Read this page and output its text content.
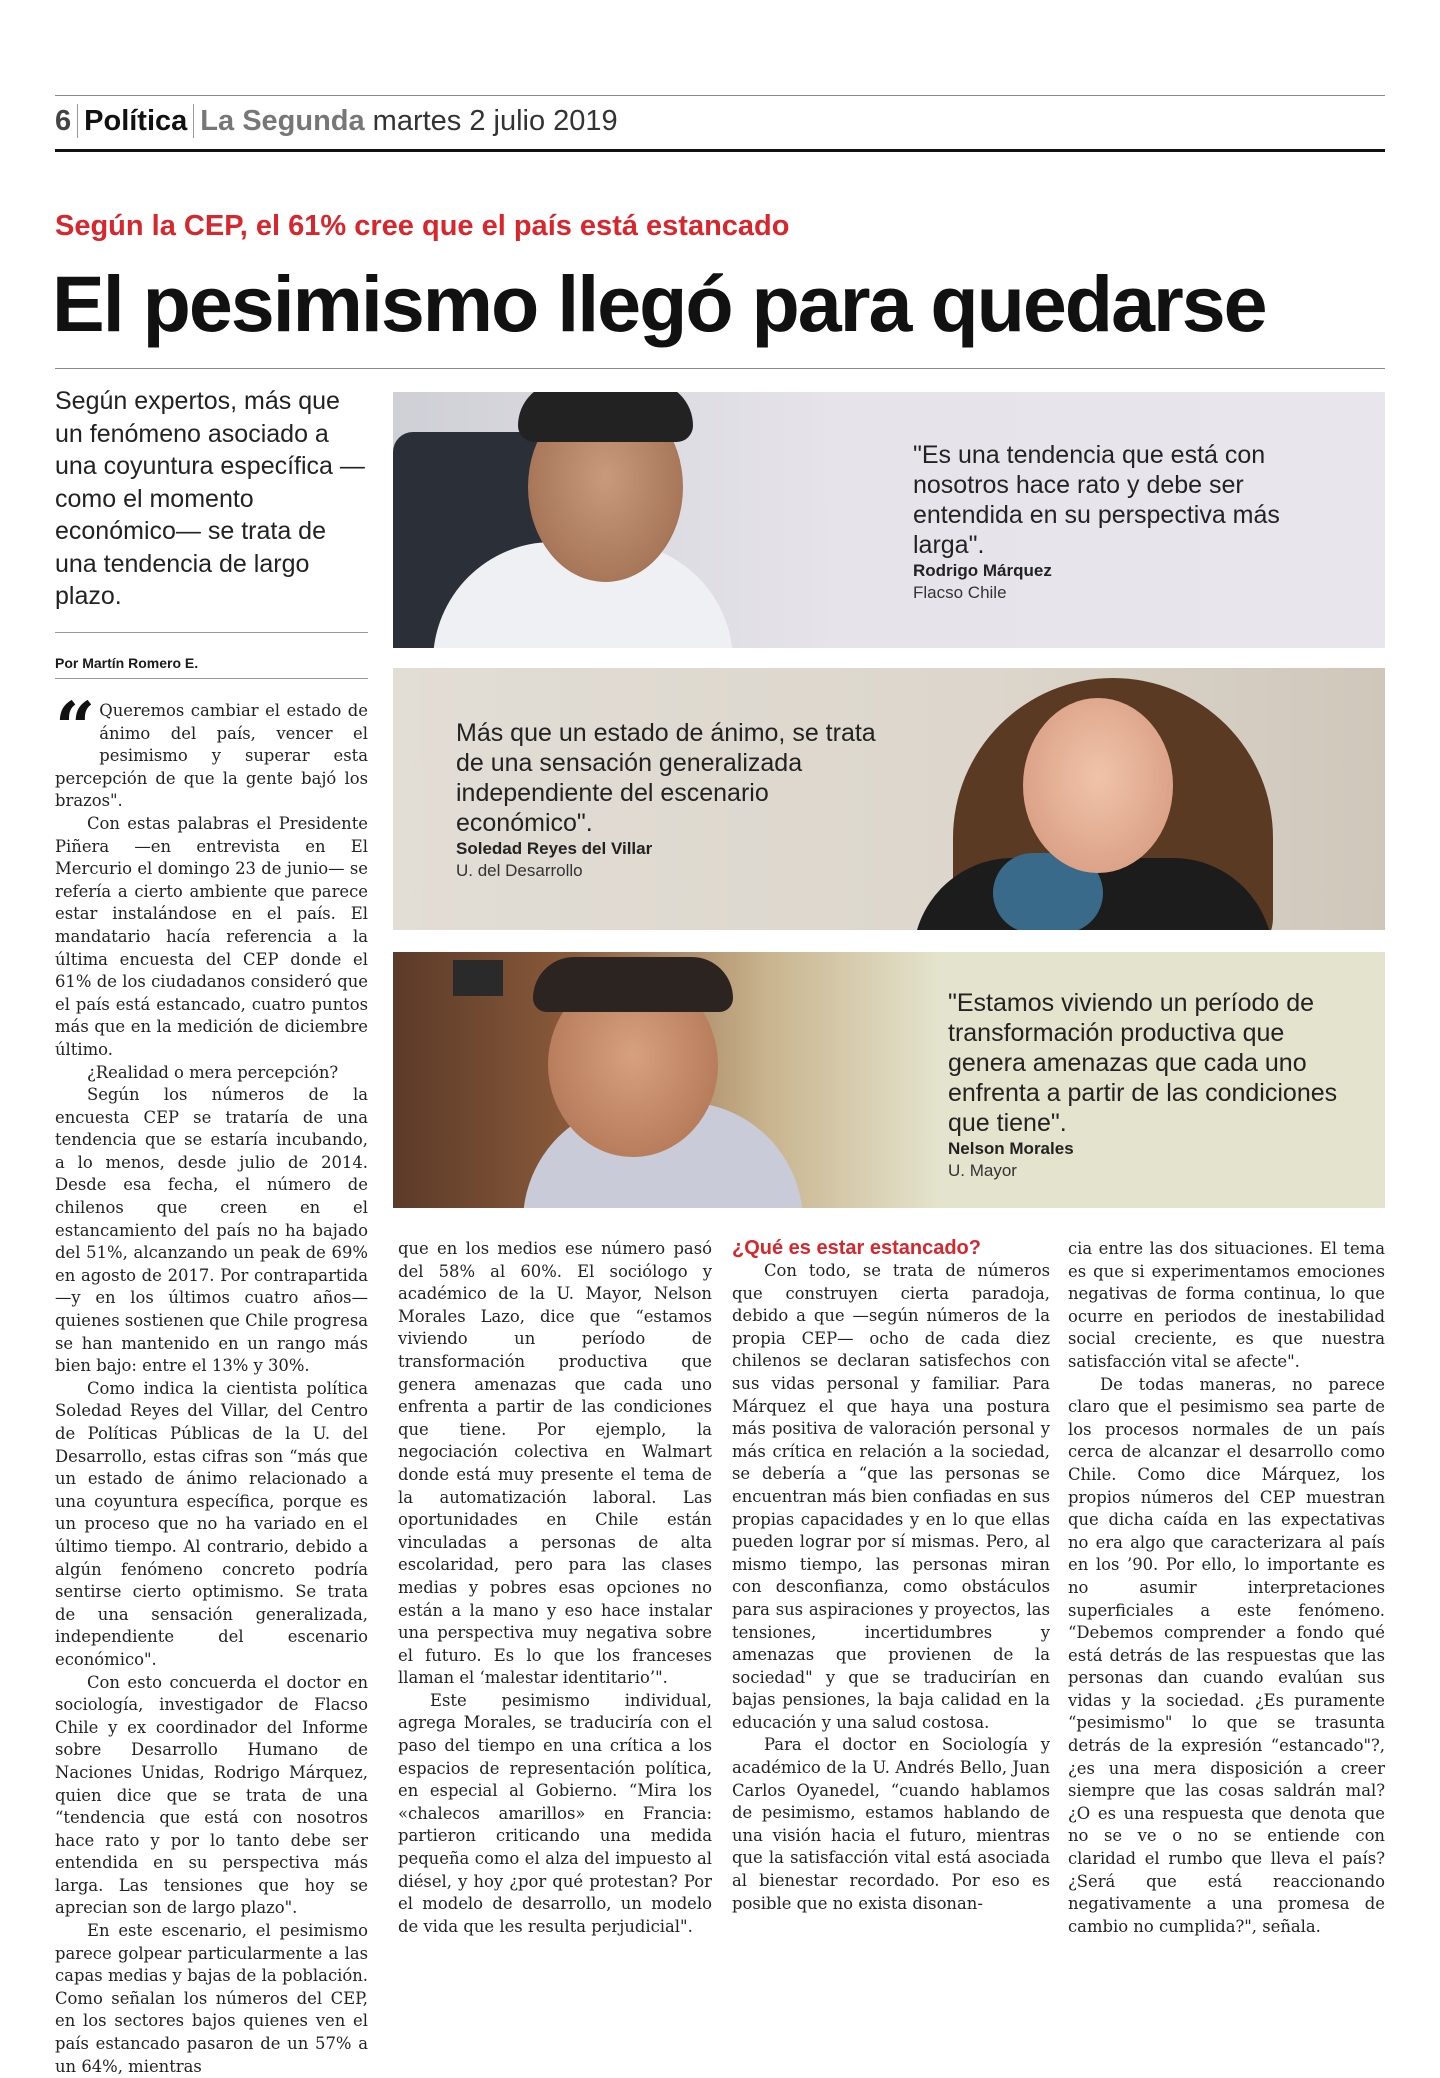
6 Política La Segunda martes 2 julio 2019
Según la CEP, el 61% cree que el país está estancado
El pesimismo llegó para quedarse
Según expertos, más que un fenómeno asociado a una coyuntura específica —como el momento económico— se trata de una tendencia de largo plazo.
Por Martín Romero E.
"Es una tendencia que está con nosotros hace rato y debe ser entendida en su perspectiva más larga".
Rodrigo Márquez
Flacso Chile
Más que un estado de ánimo, se trata de una sensación generalizada independiente del escenario económico".
Soledad Reyes del Villar
U. del Desarrollo
"Estamos viviendo un período de transformación productiva que genera amenazas que cada uno enfrenta a partir de las condiciones que tiene".
Nelson Morales
U. Mayor

“ Queremos cambiar el estado de ánimo del país, vencer el pesimismo y superar esta percepción de que la gente bajó los brazos".

Con estas palabras el Presidente Piñera —en entrevista en El Mercurio el domingo 23 de junio— se refería a cierto ambiente que parece estar instalándose en el país. El mandatario hacía referencia a la última encuesta del CEP donde el 61% de los ciudadanos consideró que el país está estancado, cuatro puntos más que en la medición de diciembre último.

¿Realidad o mera percepción?

Según los números de la encuesta CEP se trataría de una tendencia que se estaría incubando, a lo menos, desde julio de 2014. Desde esa fecha, el número de chilenos que creen en el estancamiento del país no ha bajado del 51%, alcanzando un peak de 69% en agosto de 2017. Por contrapartida —y en los últimos cuatro años— quienes sostienen que Chile progresa se han mantenido en un rango más bien bajo: entre el 13% y 30%.

Como indica la cientista política Soledad Reyes del Villar, del Centro de Políticas Públicas de la U. del Desarrollo, estas cifras son “más que un estado de ánimo relacionado a una coyuntura específica, porque es un proceso que no ha variado en el último tiempo. Al contrario, debido a algún fenómeno concreto podría sentirse cierto optimismo. Se trata de una sensación generalizada, independiente del escenario económico".

Con esto concuerda el doctor en sociología, investigador de Flacso Chile y ex coordinador del Informe sobre Desarrollo Humano de Naciones Unidas, Rodrigo Márquez, quien dice que se trata de una “tendencia que está con nosotros hace rato y por lo tanto debe ser entendida en su perspectiva más larga. Las tensiones que hoy se aprecian son de largo plazo".

En este escenario, el pesimismo parece golpear particularmente a las capas medias y bajas de la población. Como señalan los números del CEP, en los sectores bajos quienes ven el país estancado pasaron de un 57% a un 64%, mientras

que en los medios ese número pasó del 58% al 60%. El sociólogo y académico de la U. Mayor, Nelson Morales Lazo, dice que “estamos viviendo un período de transformación productiva que genera amenazas que cada uno enfrenta a partir de las condiciones que tiene. Por ejemplo, la negociación colectiva en Walmart donde está muy presente el tema de la automatización laboral. Las oportunidades en Chile están vinculadas a personas de alta escolaridad, pero para las clases medias y pobres esas opciones no están a la mano y eso hace instalar una perspectiva muy negativa sobre el futuro. Es lo que los franceses llaman el ‘malestar identitario’".

Este pesimismo individual, agrega Morales, se traduciría con el paso del tiempo en una crítica a los espacios de representación política, en especial al Gobierno. “Mira los «chalecos amarillos» en Francia: partieron criticando una medida pequeña como el alza del impuesto al diésel, y hoy ¿por qué protestan? Por el modelo de desarrollo, un modelo de vida que les resulta perjudicial".

¿Qué es estar estancado?

Con todo, se trata de números que construyen cierta paradoja, debido a que —según números de la propia CEP— ocho de cada diez chilenos se declaran satisfechos con sus vidas personal y familiar. Para Márquez el que haya una postura más positiva de valoración personal y más crítica en relación a la sociedad, se debería a “que las personas se encuentran más bien confiadas en sus propias capacidades y en lo que ellas pueden lograr por sí mismas. Pero, al mismo tiempo, las personas miran con desconfianza, como obstáculos para sus aspiraciones y proyectos, las tensiones, incertidumbres y amenazas que provienen de la sociedad" y que se traducirían en bajas pensiones, la baja calidad en la educación y una salud costosa.

Para el doctor en Sociología y académico de la U. Andrés Bello, Juan Carlos Oyanedel, “cuando hablamos de pesimismo, estamos hablando de una visión hacia el futuro, mientras que la satisfacción vital está asociada al bienestar recordado. Por eso es posible que no exista disonan-

cia entre las dos situaciones. El tema es que si experimentamos emociones negativas de forma continua, lo que ocurre en periodos de inestabilidad social creciente, es que nuestra satisfacción vital se afecte".

De todas maneras, no parece claro que el pesimismo sea parte de los procesos normales de un país cerca de alcanzar el desarrollo como Chile. Como dice Márquez, los propios números del CEP muestran que dicha caída en las expectativas no era algo que caracterizara al país en los ’90. Por ello, lo importante es no asumir interpretaciones superficiales a este fenómeno. “Debemos comprender a fondo qué está detrás de las respuestas que las personas dan cuando evalúan sus vidas y la sociedad. ¿Es puramente “pesimismo" lo que se trasunta detrás de la expresión “estancado"?, ¿es una mera disposición a creer siempre que las cosas saldrán mal? ¿O es una respuesta que denota que no se ve o no se entiende con claridad el rumbo que lleva el país? ¿Será que está reaccionando negativamente a una promesa de cambio no cumplida?", señala.
